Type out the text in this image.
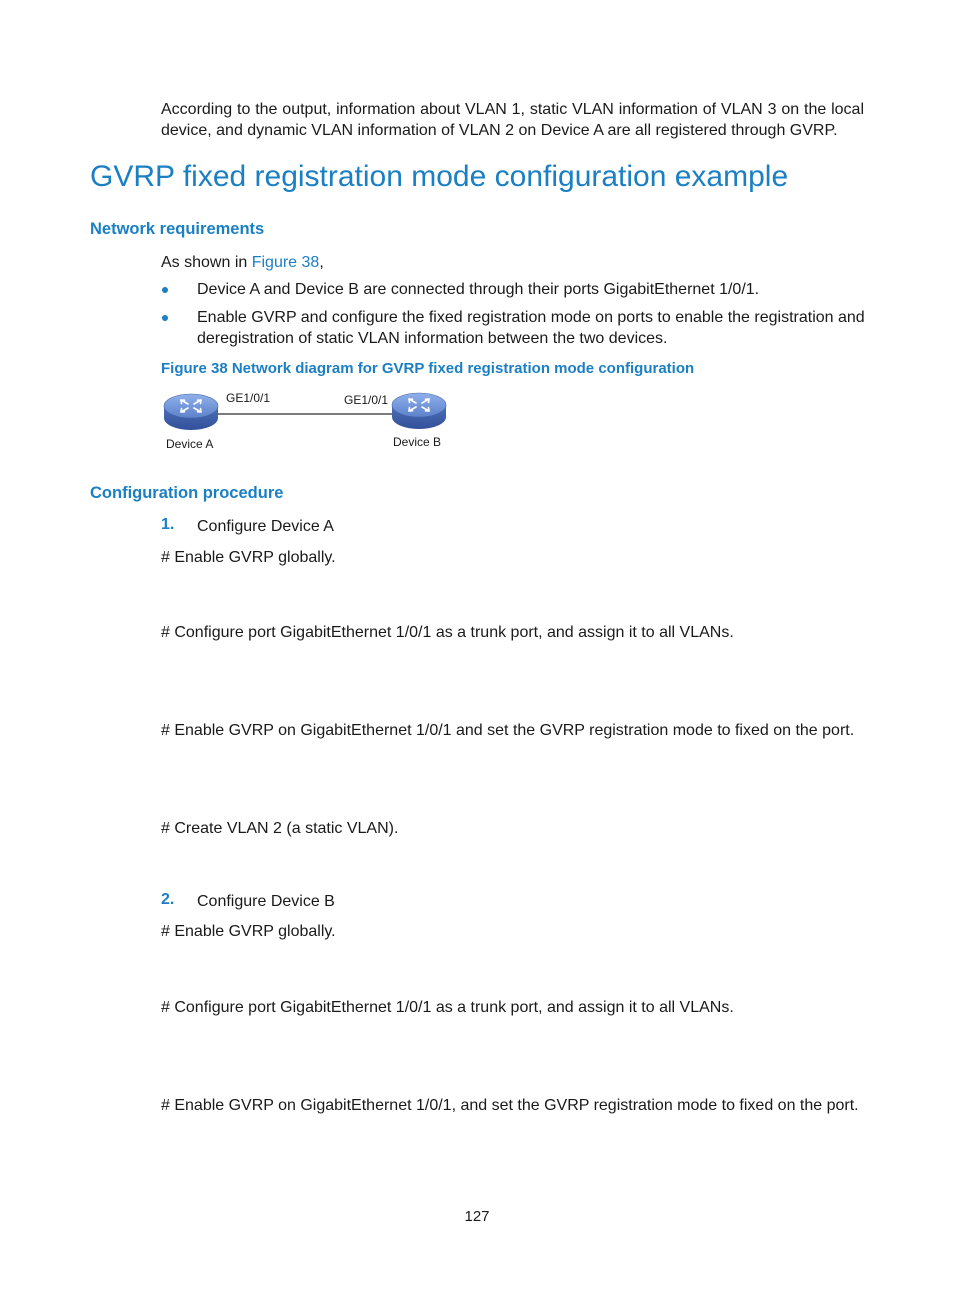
According to the output, information about VLAN 1, static VLAN information of VLAN 3 on the local device, and dynamic VLAN information of VLAN 2 on Device A are all registered through GVRP.

GVRP fixed registration mode configuration example
Network requirements
As shown in Figure 38,
Device A and Device B are connected through their ports GigabitEthernet 1/0/1.
Enable GVRP and configure the fixed registration mode on ports to enable the registration and deregistration of static VLAN information between the two devices.

Figure 38 Network diagram for GVRP fixed registration mode configuration

GE1/0/1	GE1/0/1
Device A	Device B
Configuration procedure
1. Configure Device A
# Enable GVRP globally.
# Configure port GigabitEthernet 1/0/1 as a trunk port, and assign it to all VLANs.
# Enable GVRP on GigabitEthernet 1/0/1 and set the GVRP registration mode to fixed on the port.
# Create VLAN 2 (a static VLAN).
2. Configure Device B
# Enable GVRP globally.
# Configure port GigabitEthernet 1/0/1 as a trunk port, and assign it to all VLANs.
# Enable GVRP on GigabitEthernet 1/0/1, and set the GVRP registration mode to fixed on the port.
127
